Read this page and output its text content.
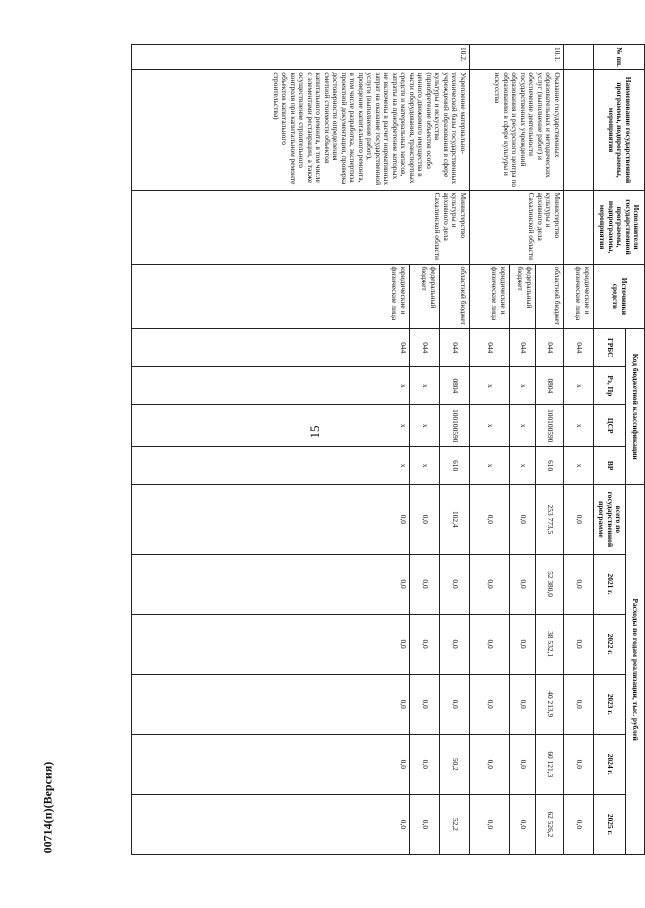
15
№ пп.	Наименование государственной программы, подпрограммы, мероприятия	Исполнители государственной программы, подпрограммы, мероприятия	Источники средств	Код бюджетной классификации				Расходы по годам реализации, тыс. рублей					
				ГРБС	Рз, Пр	ЦСР	ВР	всего по государственной программе	2021 г.	2022 г.	2023 г.	2024 г.	2025 г.
			юридические и физические лица	044	x	x	x	0,0	0,0	0,0	0,0	0,0	0,0
10.1.	Оказание государственных образовательных и методических услуг (выполнение работ) и обеспечение деятельности государственных учреждений образования и ресурсного центра по образованию в сфере культуры и искусства	Министерство культуры и архивного дела Сахалинской области	областной бюджет	044	0804	100100590	610	253 773,5	52 380,0	38 532,1	40 213,9	60 121,3	62 526,2
			федеральный бюджет	044	x	x	x	0,0	0,0	0,0	0,0	0,0	0,0
			юридические и физические лица	044	x	x	x	0,0	0,0	0,0	0,0	0,0	0,0
10.2.	Укрепление материально-технической базы государственных учреждений образования в сфере культуры и искусства (приобретение объектов особо ценного движимого имущества в части оборудования, транспортных средств и материальных запасов, затраты на приобретение которых не включены в расчет нормативных затрат на оказание государственной услуги (выполнение работ), проведение капитального ремонта, в том числе разработка, экспертиза проектной документации, проверка достоверности определения сметной стоимости объектов капитального ремонта, в том числе с элементами реставрации, а также осуществление строительного контроля при капитальном ремонте объектов капитального строительства)	Министерство культуры и архивного дела Сахалинской области	областной бюджет	044	0804	100100590	610	102,4	0,0	0,0	0,0	50,2	52,2
			федеральный бюджет	044	x	x	x	0,0	0,0	0,0	0,0	0,0	0,0
			юридические и физические лица	044	x	x	x	0,0	0,0	0,0	0,0	0,0	0,0
00714(п)(Версия)
